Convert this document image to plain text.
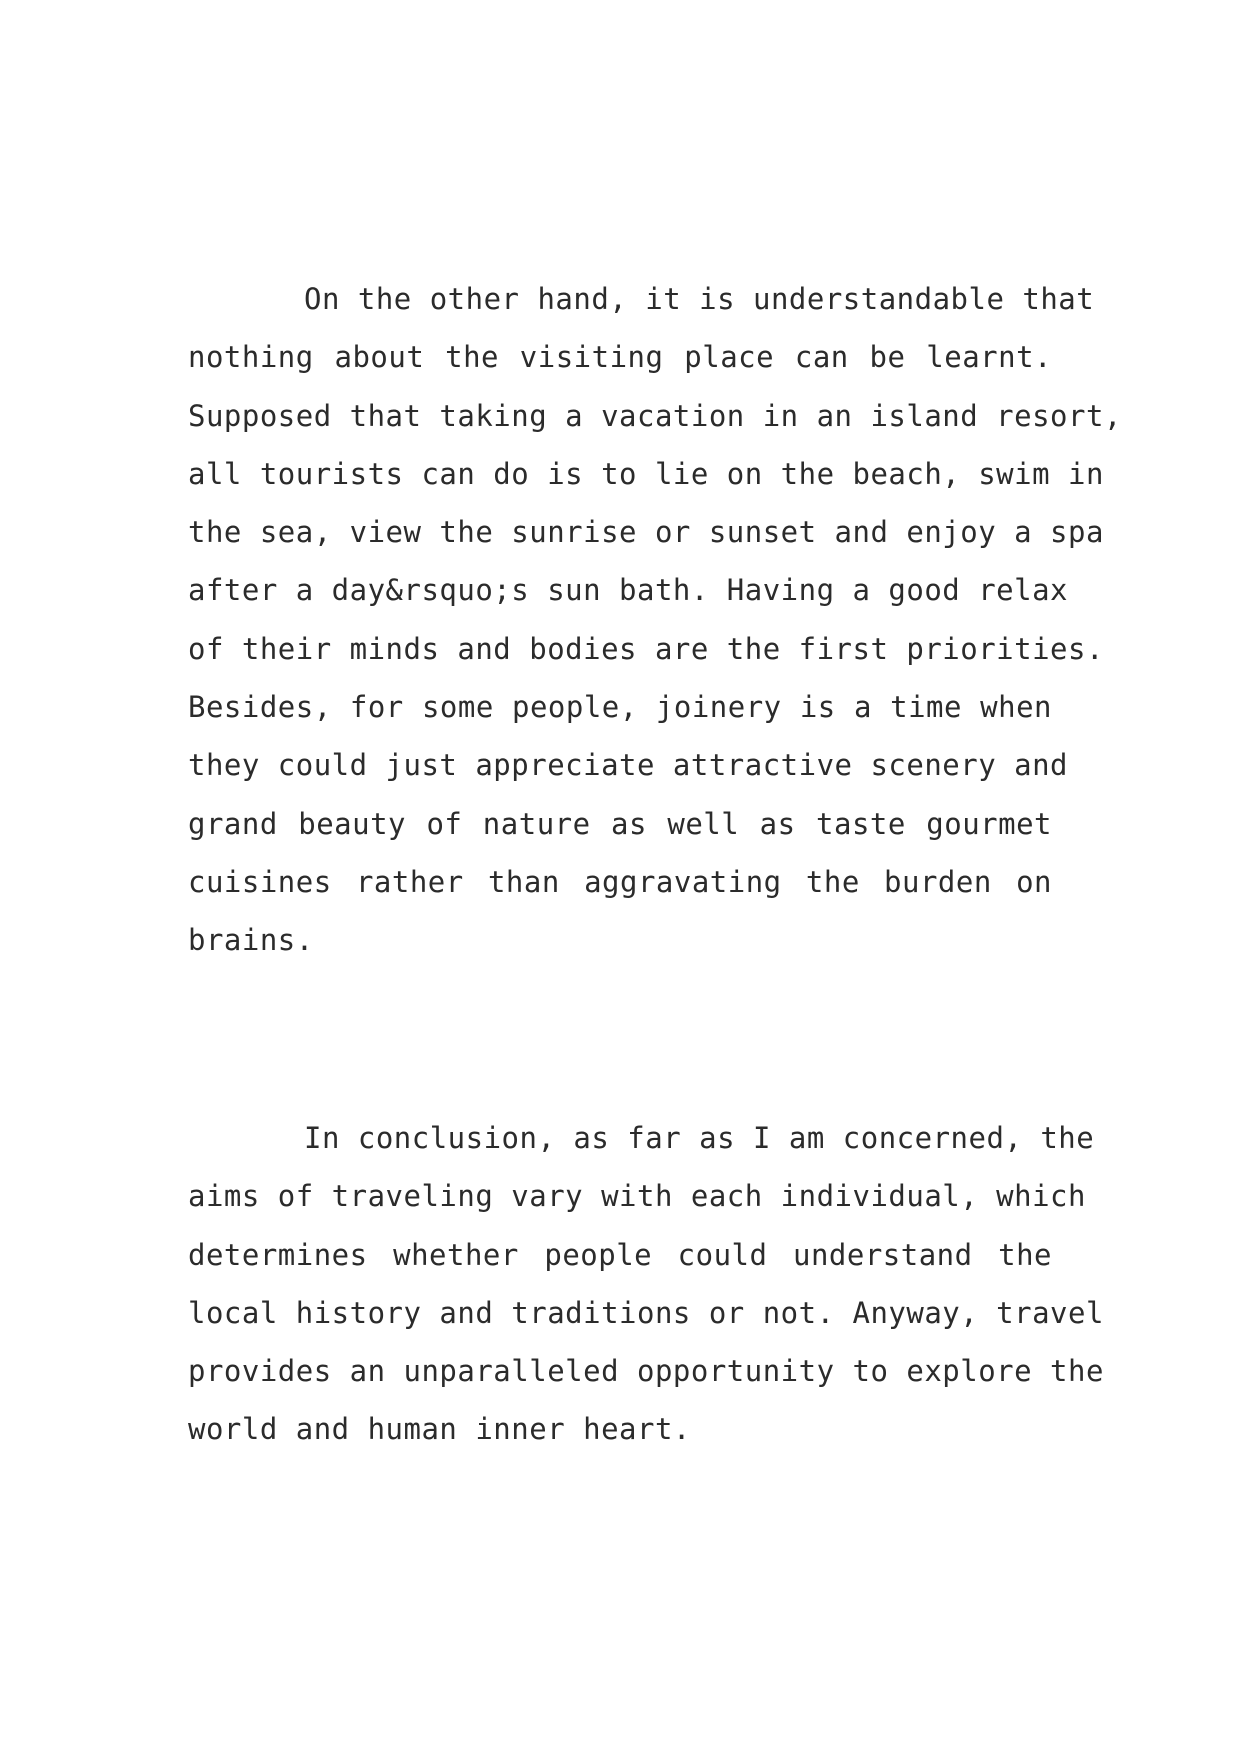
On the other hand, it is understandable that
nothing about the visiting place can be learnt.
Supposed that taking a vacation in an island resort,
all tourists can do is to lie on the beach, swim in
the sea, view the sunrise or sunset and enjoy a spa
after a day&rsquo;s sun bath. Having a good relax
of their minds and bodies are the first priorities.
Besides, for some people, joinery is a time when
they could just appreciate attractive scenery and
grand beauty of nature as well as taste gourmet
cuisines rather than aggravating the burden on
brains.
In conclusion, as far as I am concerned, the
aims of traveling vary with each individual, which
determines whether people could understand the
local history and traditions or not. Anyway, travel
provides an unparalleled opportunity to explore the
world and human inner heart.
